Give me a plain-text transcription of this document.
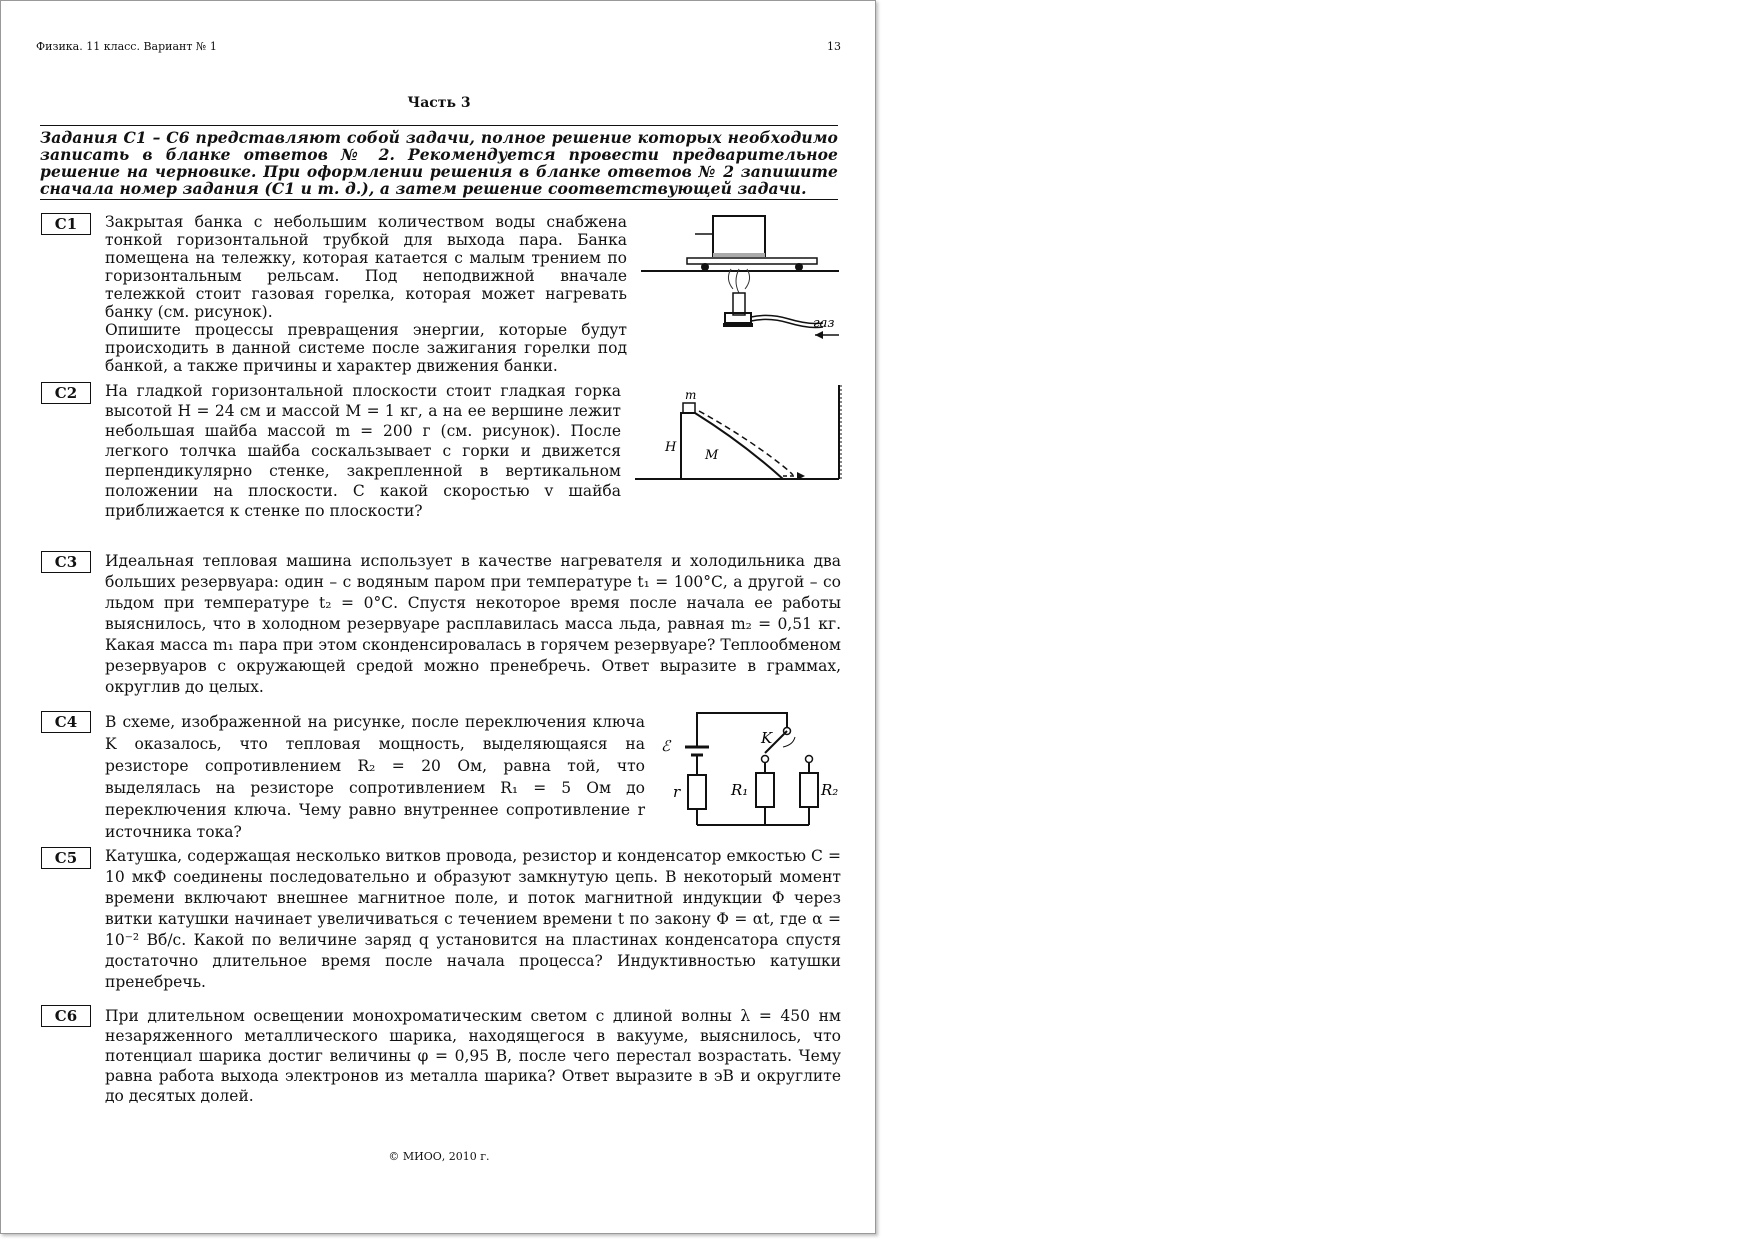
Физика. 11 класс. Вариант № 1	13
Часть 3
Задания С1 – С6 представляют собой задачи, полное решение которых необходимо записать в бланке ответов № 2. Рекомендуется провести предварительное решение на черновике. При оформлении решения в бланке ответов № 2 запишите сначала номер задания (С1 и т. д.), а затем решение соответствующей задачи.
С1	Закрытая банка с небольшим количеством воды снабжена тонкой горизонтальной трубкой для выхода пара. Банка помещена на тележку, которая катается с малым трением по горизонтальным рельсам. Под неподвижной вначале тележкой стоит газовая горелка, которая может нагревать банку (см. рисунок).
Опишите процессы превращения энергии, которые будут происходить в данной системе после зажигания горелки под банкой, а также причины и характер движения банки.
газ
С2	На гладкой горизонтальной плоскости стоит гладкая горка высотой H = 24 см и массой M = 1 кг, а на ее вершине лежит небольшая шайба массой m = 200 г (см. рисунок). После легкого толчка шайба соскальзывает с горки и движется перпендикулярно стенке, закрепленной в вертикальном положении на плоскости. С какой скоростью v шайба приближается к стенке по плоскости?
m
H
M
С3	Идеальная тепловая машина использует в качестве нагревателя и холодильника два больших резервуара: один – с водяным паром при температуре t₁ = 100°С, а другой – со льдом при температуре t₂ = 0°С. Спустя некоторое время после начала ее работы выяснилось, что в холодном резервуаре расплавилась масса льда, равная m₂ = 0,51 кг. Какая масса m₁ пара при этом сконденсировалась в горячем резервуаре? Теплообменом резервуаров с окружающей средой можно пренебречь. Ответ выразите в граммах, округлив до целых.
С4	В схеме, изображенной на рисунке, после переключения ключа K оказалось, что тепловая мощность, выделяющаяся на резисторе сопротивлением R₂ = 20 Ом, равна той, что выделялась на резисторе сопротивлением R₁ = 5 Ом до переключения ключа. Чему равно внутреннее сопротивление r источника тока?
ℰ	K
r	R₁	R₂
С5	Катушка, содержащая несколько витков провода, резистор и конденсатор емкостью C = 10 мкФ соединены последовательно и образуют замкнутую цепь. В некоторый момент времени включают внешнее магнитное поле, и поток магнитной индукции Φ через витки катушки начинает увеличиваться с течением времени t по закону Φ = αt, где α = 10⁻² Вб/с. Какой по величине заряд q установится на пластинах конденсатора спустя достаточно длительное время после начала процесса? Индуктивностью катушки пренебречь.
С6	При длительном освещении монохроматическим светом с длиной волны λ = 450 нм незаряженного металлического шарика, находящегося в вакууме, выяснилось, что потенциал шарика достиг величины φ = 0,95 В, после чего перестал возрастать. Чему равна работа выхода электронов из металла шарика? Ответ выразите в эВ и округлите до десятых долей.
© МИОО, 2010 г.
